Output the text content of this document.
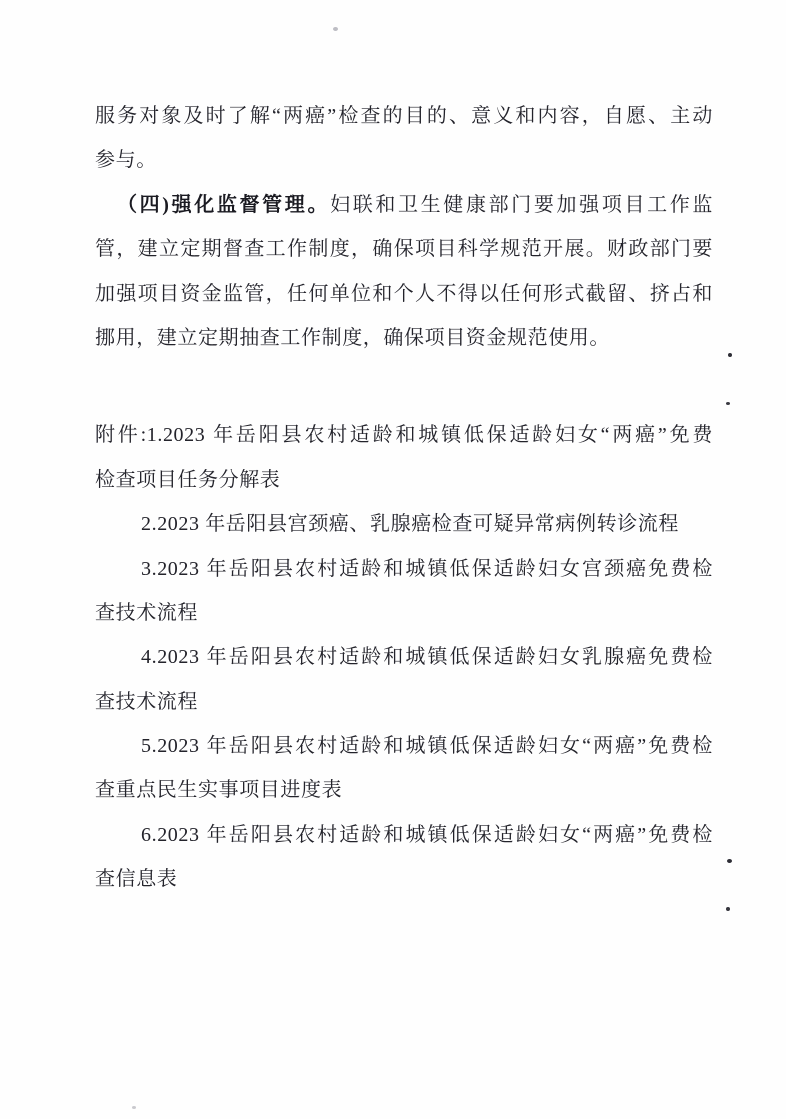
服务对象及时了解“两癌”检查的目的、意义和内容，自愿、主动
参与。
（四)强化监督管理。妇联和卫生健康部门要加强项目工作监
管，建立定期督查工作制度，确保项目科学规范开展。财政部门要
加强项目资金监管，任何单位和个人不得以任何形式截留、挤占和
挪用，建立定期抽查工作制度，确保项目资金规范使用。
附件:1.2023 年岳阳县农村适龄和城镇低保适龄妇女“两癌”免费
检查项目任务分解表
2.2023 年岳阳县宫颈癌、乳腺癌检查可疑异常病例转诊流程
3.2023 年岳阳县农村适龄和城镇低保适龄妇女宫颈癌免费检
查技术流程
4.2023 年岳阳县农村适龄和城镇低保适龄妇女乳腺癌免费检
查技术流程
5.2023 年岳阳县农村适龄和城镇低保适龄妇女“两癌”免费检
查重点民生实事项目进度表
6.2023 年岳阳县农村适龄和城镇低保适龄妇女“两癌”免费检
查信息表
